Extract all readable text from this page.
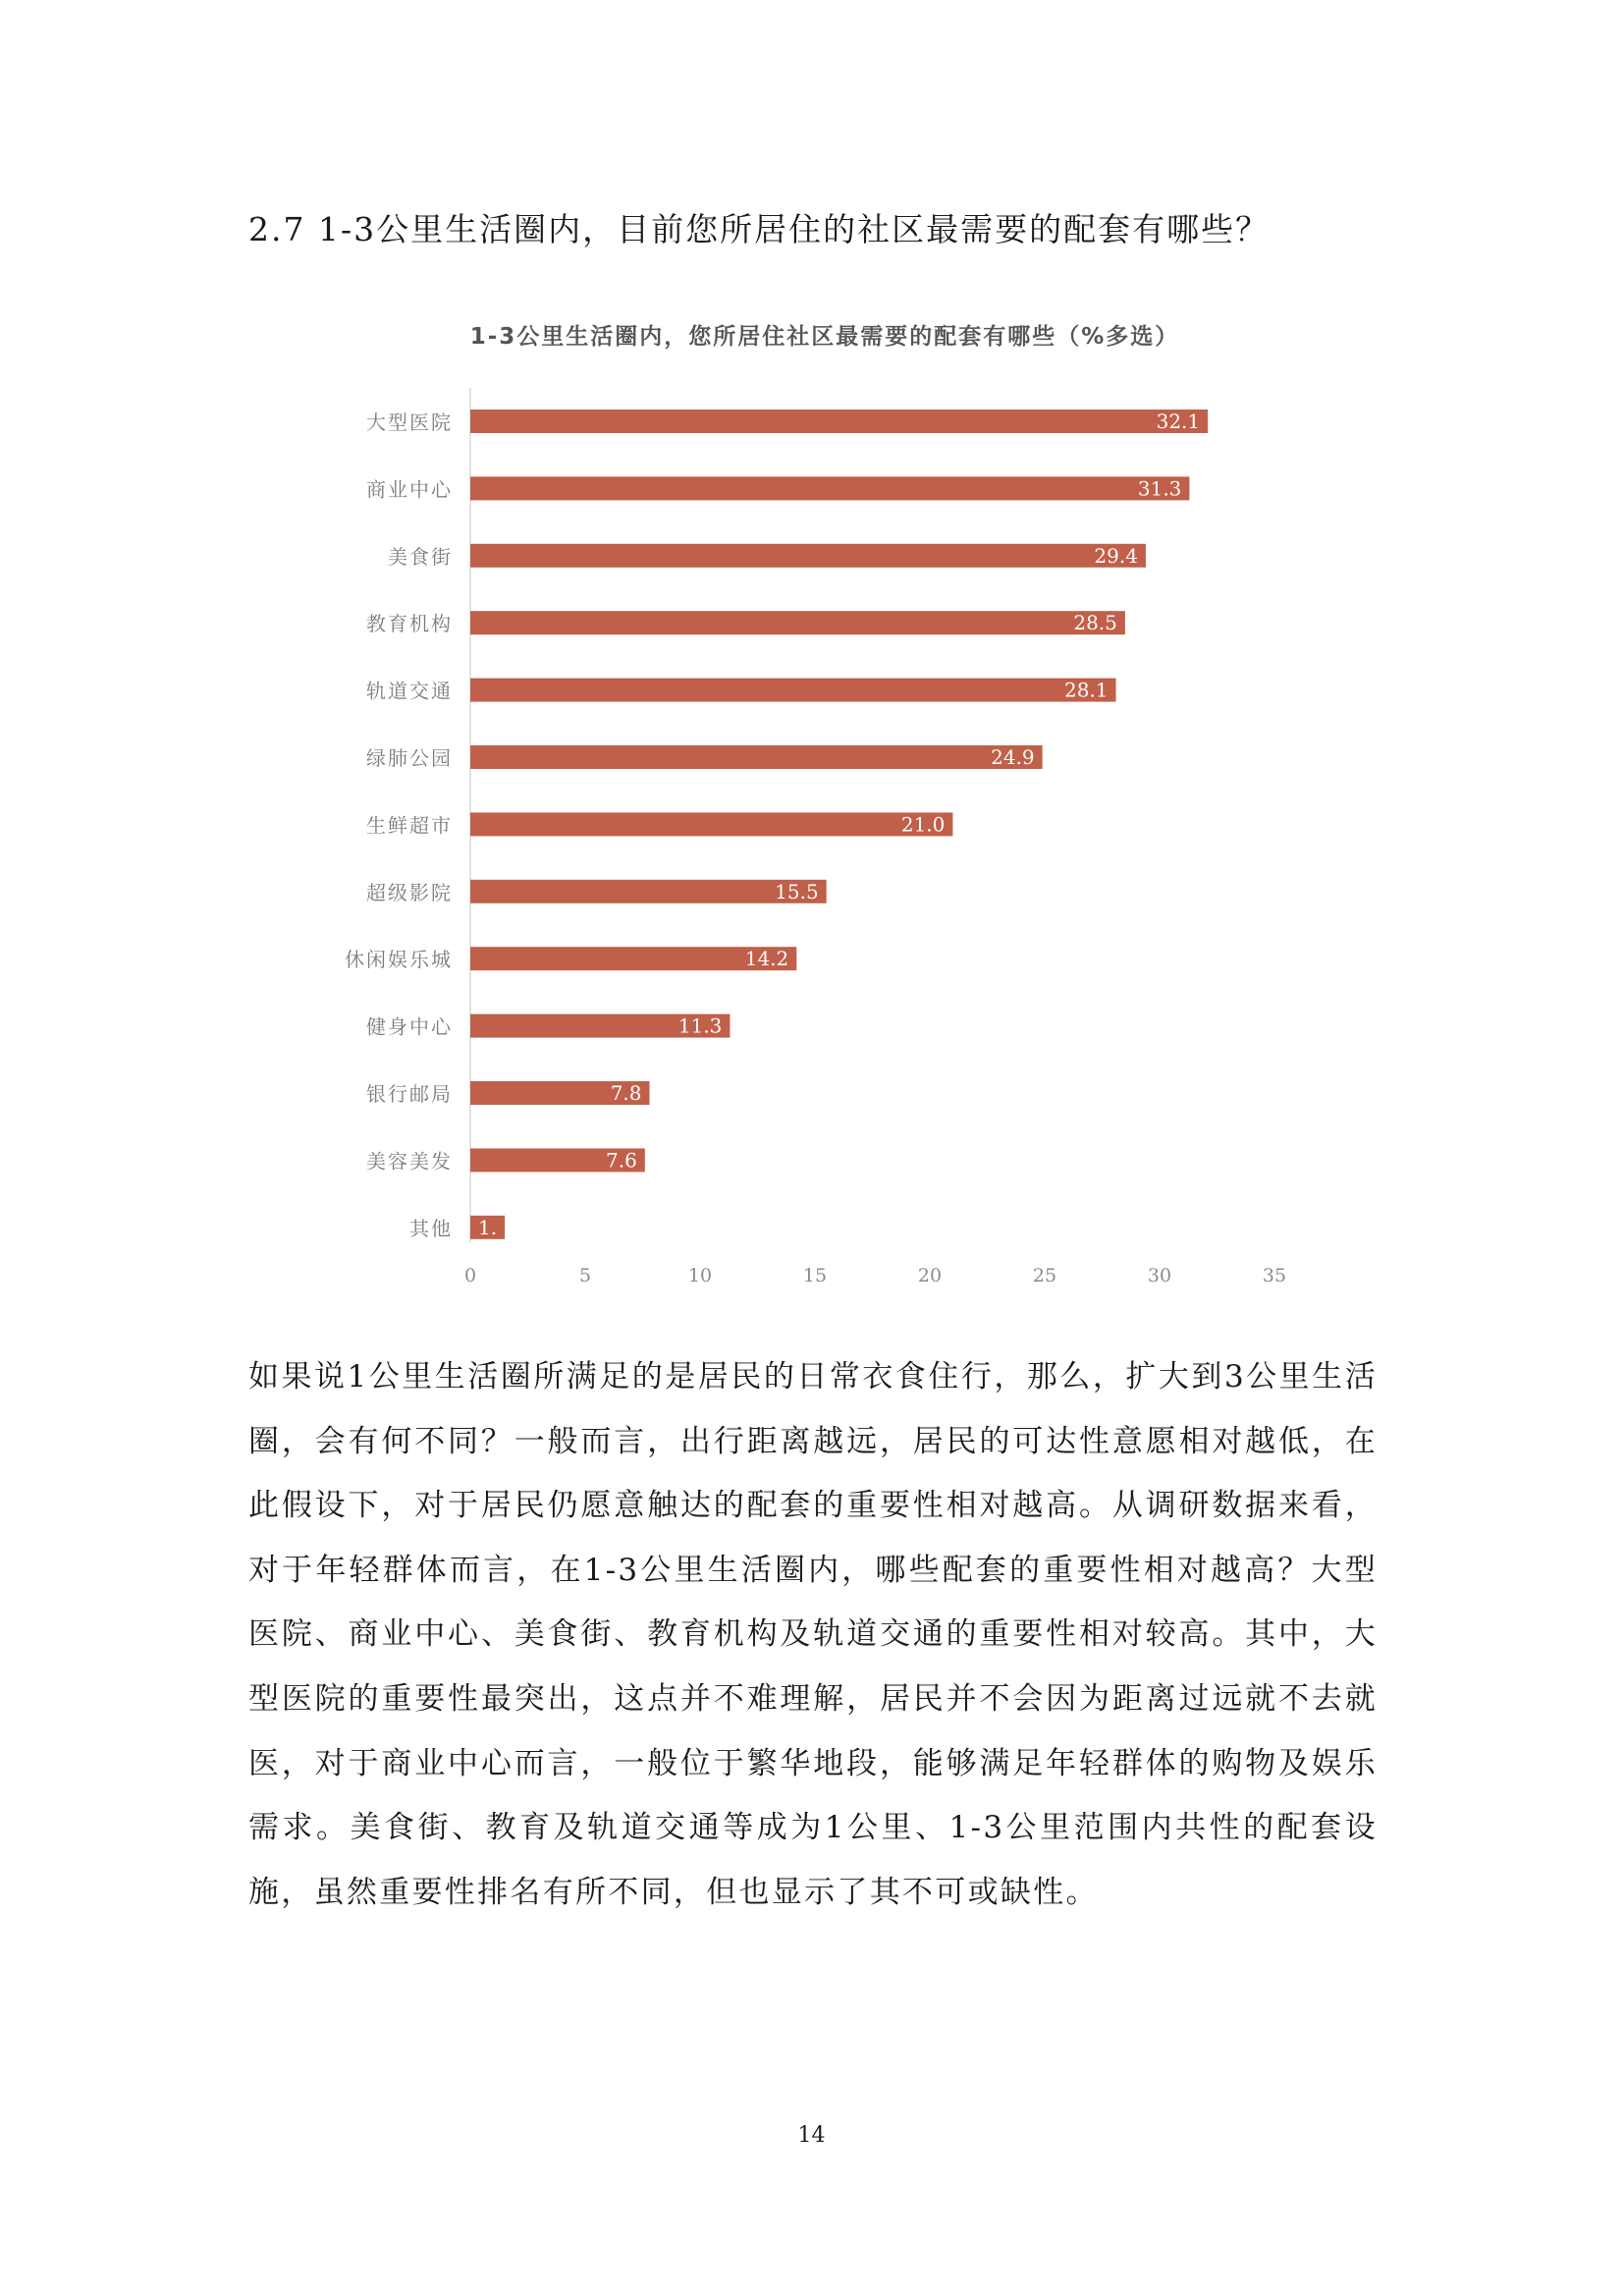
2.7 1-3公里生活圈内，目前您所居住的社区最需要的配套有哪些？
1-3公里生活圈内，您所居住社区最需要的配套有哪些（%多选）
大型医院	32.1
商业中心	31.3
美食街	29.4
教育机构	28.5
轨道交通	28.1
绿肺公园	24.9
生鲜超市	21.0
超级影院	15.5
休闲娱乐城	14.2
健身中心	11.3
银行邮局	7.8
美容美发	7.6
其他 1.
0	5	10	15	20	25	30	35
如果说1公里生活圈所满足的是居民的日常衣食住行，那么，扩大到3公里生活圈，会有何不同？一般而言，出行距离越远，居民的可达性意愿相对越低，在此假设下，对于居民仍愿意触达的配套的重要性相对越高。从调研数据来看，对于年轻群体而言，在1-3公里生活圈内，哪些配套的重要性相对越高？大型医院、商业中心、美食街、教育机构及轨道交通的重要性相对较高。其中，大型医院的重要性最突出，这点并不难理解，居民并不会因为距离过远就不去就医，对于商业中心而言，一般位于繁华地段，能够满足年轻群体的购物及娱乐需求。美食街、教育及轨道交通等成为1公里、1-3公里范围内共性的配套设施，虽然重要性排名有所不同，但也显示了其不可或缺性。
14
